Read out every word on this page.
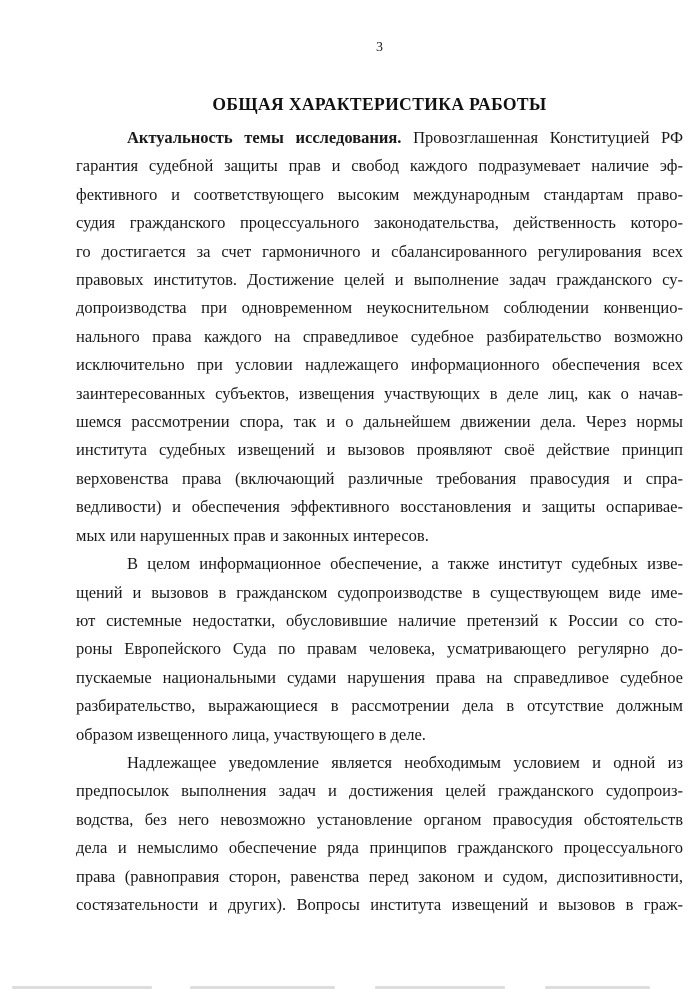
3
ОБЩАЯ ХАРАКТЕРИСТИКА РАБОТЫ
Актуальность темы исследования. Провозглашенная Конституцией РФ
гарантия судебной защиты прав и свобод каждого подразумевает наличие эф-
фективного и соответствующего высоким международным стандартам право-
судия гражданского процессуального законодательства, действенность которо-
го достигается за счет гармоничного и сбалансированного регулирования всех
правовых институтов. Достижение целей и выполнение задач гражданского су-
допроизводства при одновременном неукоснительном соблюдении конвенцио-
нального права каждого на справедливое судебное разбирательство возможно
исключительно при условии надлежащего информационного обеспечения всех
заинтересованных субъектов, извещения участвующих в деле лиц, как о начав-
шемся рассмотрении спора, так и о дальнейшем движении дела. Через нормы
института судебных извещений и вызовов проявляют своё действие принцип
верховенства права (включающий различные требования правосудия и спра-
ведливости) и обеспечения эффективного восстановления и защиты оспаривае-
мых или нарушенных прав и законных интересов.
В целом информационное обеспечение, а также институт судебных изве-
щений и вызовов в гражданском судопроизводстве в существующем виде име-
ют системные недостатки, обусловившие наличие претензий к России со сто-
роны Европейского Суда по правам человека, усматривающего регулярно до-
пускаемые национальными судами нарушения права на справедливое судебное
разбирательство, выражающиеся в рассмотрении дела в отсутствие должным
образом извещенного лица, участвующего в деле.
Надлежащее уведомление является необходимым условием и одной из
предпосылок выполнения задач и достижения целей гражданского судопроиз-
водства, без него невозможно установление органом правосудия обстоятельств
дела и немыслимо обеспечение ряда принципов гражданского процессуального
права (равноправия сторон, равенства перед законом и судом, диспозитивности,
состязательности и других). Вопросы института извещений и вызовов в граж-
